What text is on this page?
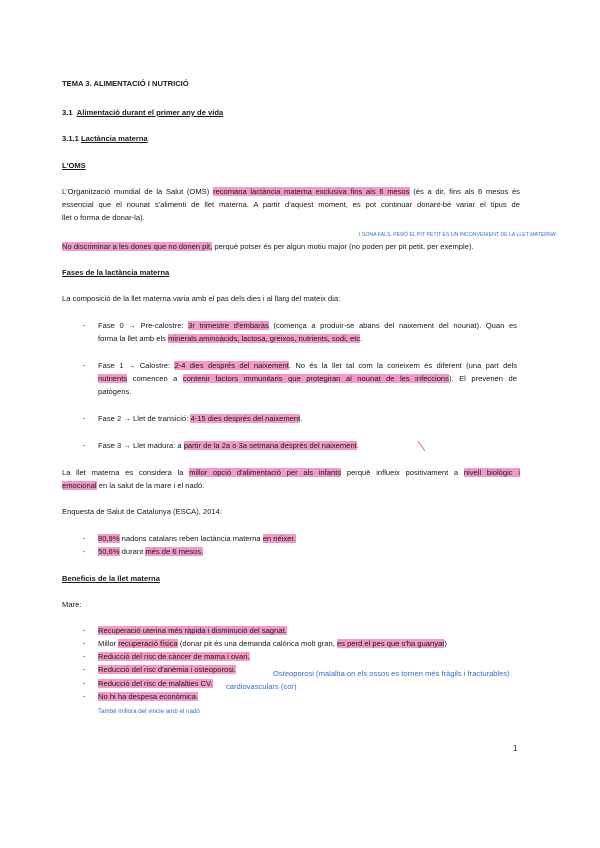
TEMA 3. ALIMENTACIÓ I NUTRICIÓ
3.1 Alimentació durant el primer any de vida
3.1.1 Lactància materna
L'OMS
L'Organització mundial de la Salut (OMS) recomana lactància materna exclusiva fins als 6 mesos (és a dir, fins als 6 mesos és
essencial que el nounat s'alimenti de llet materna. A partir d'aquest moment, es pot continuar donant-bé variar el tipus de
llet o forma de donar-la).
I SONA FALS, PERÒ EL PIT PETIT ÉS UN INCONVENIENT DE LA LLET MATERNA!
No discriminar a les dones que no donen pit, perquè potser és per algun motiu major (no poden per pit petit, per exemple).
Fases de la lactància materna
La composició de la llet materna varia amb el pas dels dies i al llarg del mateix dia:
- Fase 0 → Pre-calostre: 3r trimestre d'embaràs (comença a produir-se abans del naixement del nounat). Quan es
forma la llet amb els minerals aminoàcids, lactosa, greixos, nutrients, sodi, etc.
- Fase 1 → Calostre: 2-4 dies després del naixement. No és la llet tal com la coneixem és diferent (una part dels
nutrients comencen a contenir factors immunitaris que protegiran al nounat de les infeccions). El prevenen de
patògens.
- Fase 2 → Llet de transició: 4-15 dies després del naixement.
- Fase 3 → Llet madura: a partir de la 2a o 3a setmana després del naixement.
La llet materna es considera la millor opció d'alimentació per als infants perquè influeix positivament a nivell biològic i
emocional en la salut de la mare i el nadó.
Enquesta de Salut de Catalunya (ESCA), 2014:
- 80,9% nadons catalans reben lactància materna en néixer.
- 50,6% durant més de 6 mesos.
Beneficis de la llet materna
Mare:
- Recuperació uterina més ràpida i disminució del sagnat.
- Millor recuperació física (donar pit és una demanda calòrica molt gran, es perd el pes que s'ha guanyat)
- Reducció del risc de càncer de mama i ovari.
- Reducció del risc d'anèmia i osteoporosi.	Osteoporosi (malaltia on els ossos es tornen més fràgils i fracturables)
- Reducció del risc de malalties CV. cardiovasculars (cor)
- No hi ha despesa econòmica.
També millora del vincle amb el nadó
1
